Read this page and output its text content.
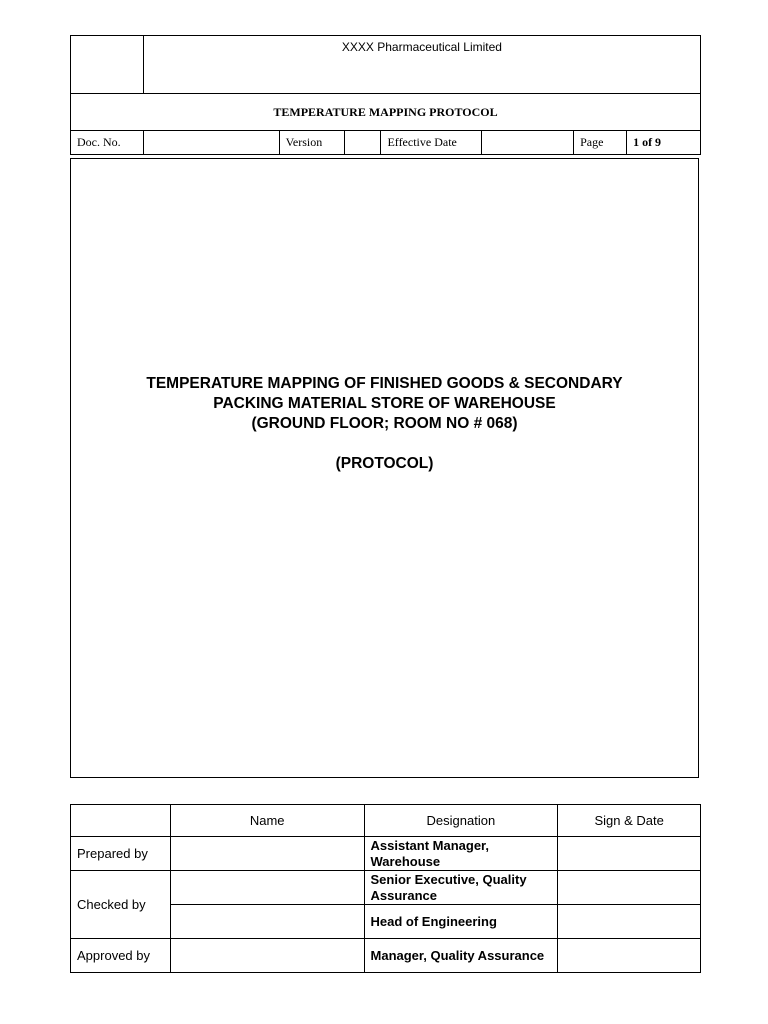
	XXXX Pharmaceutical Limited						
TEMPERATURE MAPPING PROTOCOL							
Doc. No.		Version		Effective Date		Page	1 of 9
TEMPERATURE MAPPING OF FINISHED GOODS & SECONDARY
PACKING MATERIAL STORE OF WAREHOUSE
(GROUND FLOOR; ROOM NO # 068)
(PROTOCOL)
	Name	Designation	Sign & Date
Prepared by		Assistant Manager, Warehouse	
Checked by		Senior Executive, Quality Assurance	
		Head of Engineering	
Approved by		Manager, Quality Assurance	
